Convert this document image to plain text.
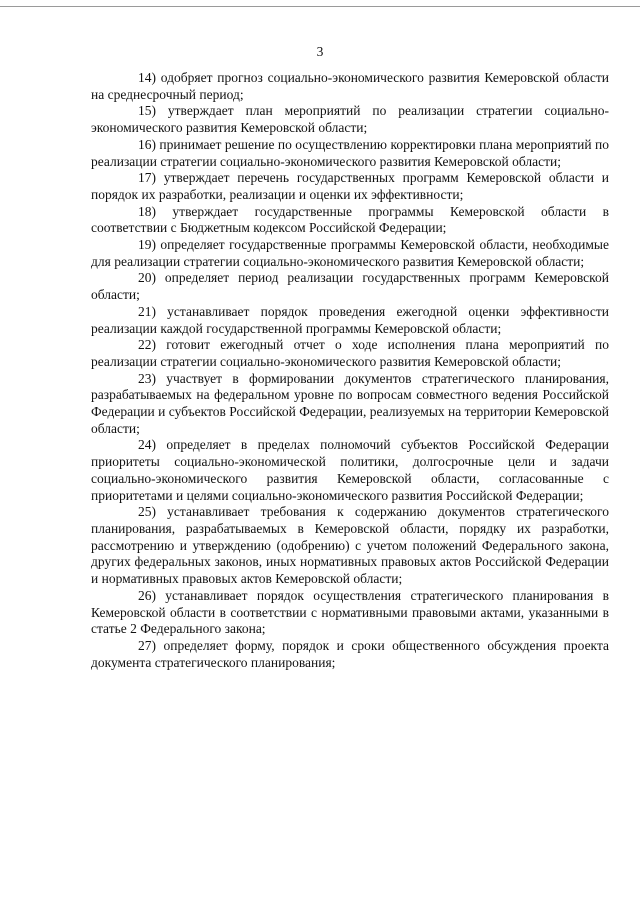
3

14) одобряет прогноз социально-экономического развития Кемеровской области на среднесрочный период;

15) утверждает план мероприятий по реализации стратегии социально-экономического развития Кемеровской области;

16) принимает решение по осуществлению корректировки плана мероприятий по реализации стратегии социально-экономического развития Кемеровской области;

17) утверждает перечень государственных программ Кемеровской области и порядок их разработки, реализации и оценки их эффективности;

18) утверждает государственные программы Кемеровской области в соответствии с Бюджетным кодексом Российской Федерации;

19) определяет государственные программы Кемеровской области, необходимые для реализации стратегии социально-экономического развития Кемеровской области;

20) определяет период реализации государственных программ Кемеровской области;

21) устанавливает порядок проведения ежегодной оценки эффективности реализации каждой государственной программы Кемеровской области;

22) готовит ежегодный отчет о ходе исполнения плана мероприятий по реализации стратегии социально-экономического развития Кемеровской области;

23) участвует в формировании документов стратегического планирования, разрабатываемых на федеральном уровне по вопросам совместного ведения Российской Федерации и субъектов Российской Федерации, реализуемых на территории Кемеровской области;

24) определяет в пределах полномочий субъектов Российской Федерации приоритеты социально-экономической политики, долгосрочные цели и задачи социально-экономического развития Кемеровской области, согласованные с приоритетами и целями социально-экономического развития Российской Федерации;

25) устанавливает требования к содержанию документов стратегического планирования, разрабатываемых в Кемеровской области, порядку их разработки, рассмотрению и утверждению (одобрению) с учетом положений Федерального закона, других федеральных законов, иных нормативных правовых актов Российской Федерации и нормативных правовых актов Кемеровской области;

26) устанавливает порядок осуществления стратегического планирования в Кемеровской области в соответствии с нормативными правовыми актами, указанными в статье 2 Федерального закона;

27) определяет форму, порядок и сроки общественного обсуждения проекта документа стратегического планирования;
